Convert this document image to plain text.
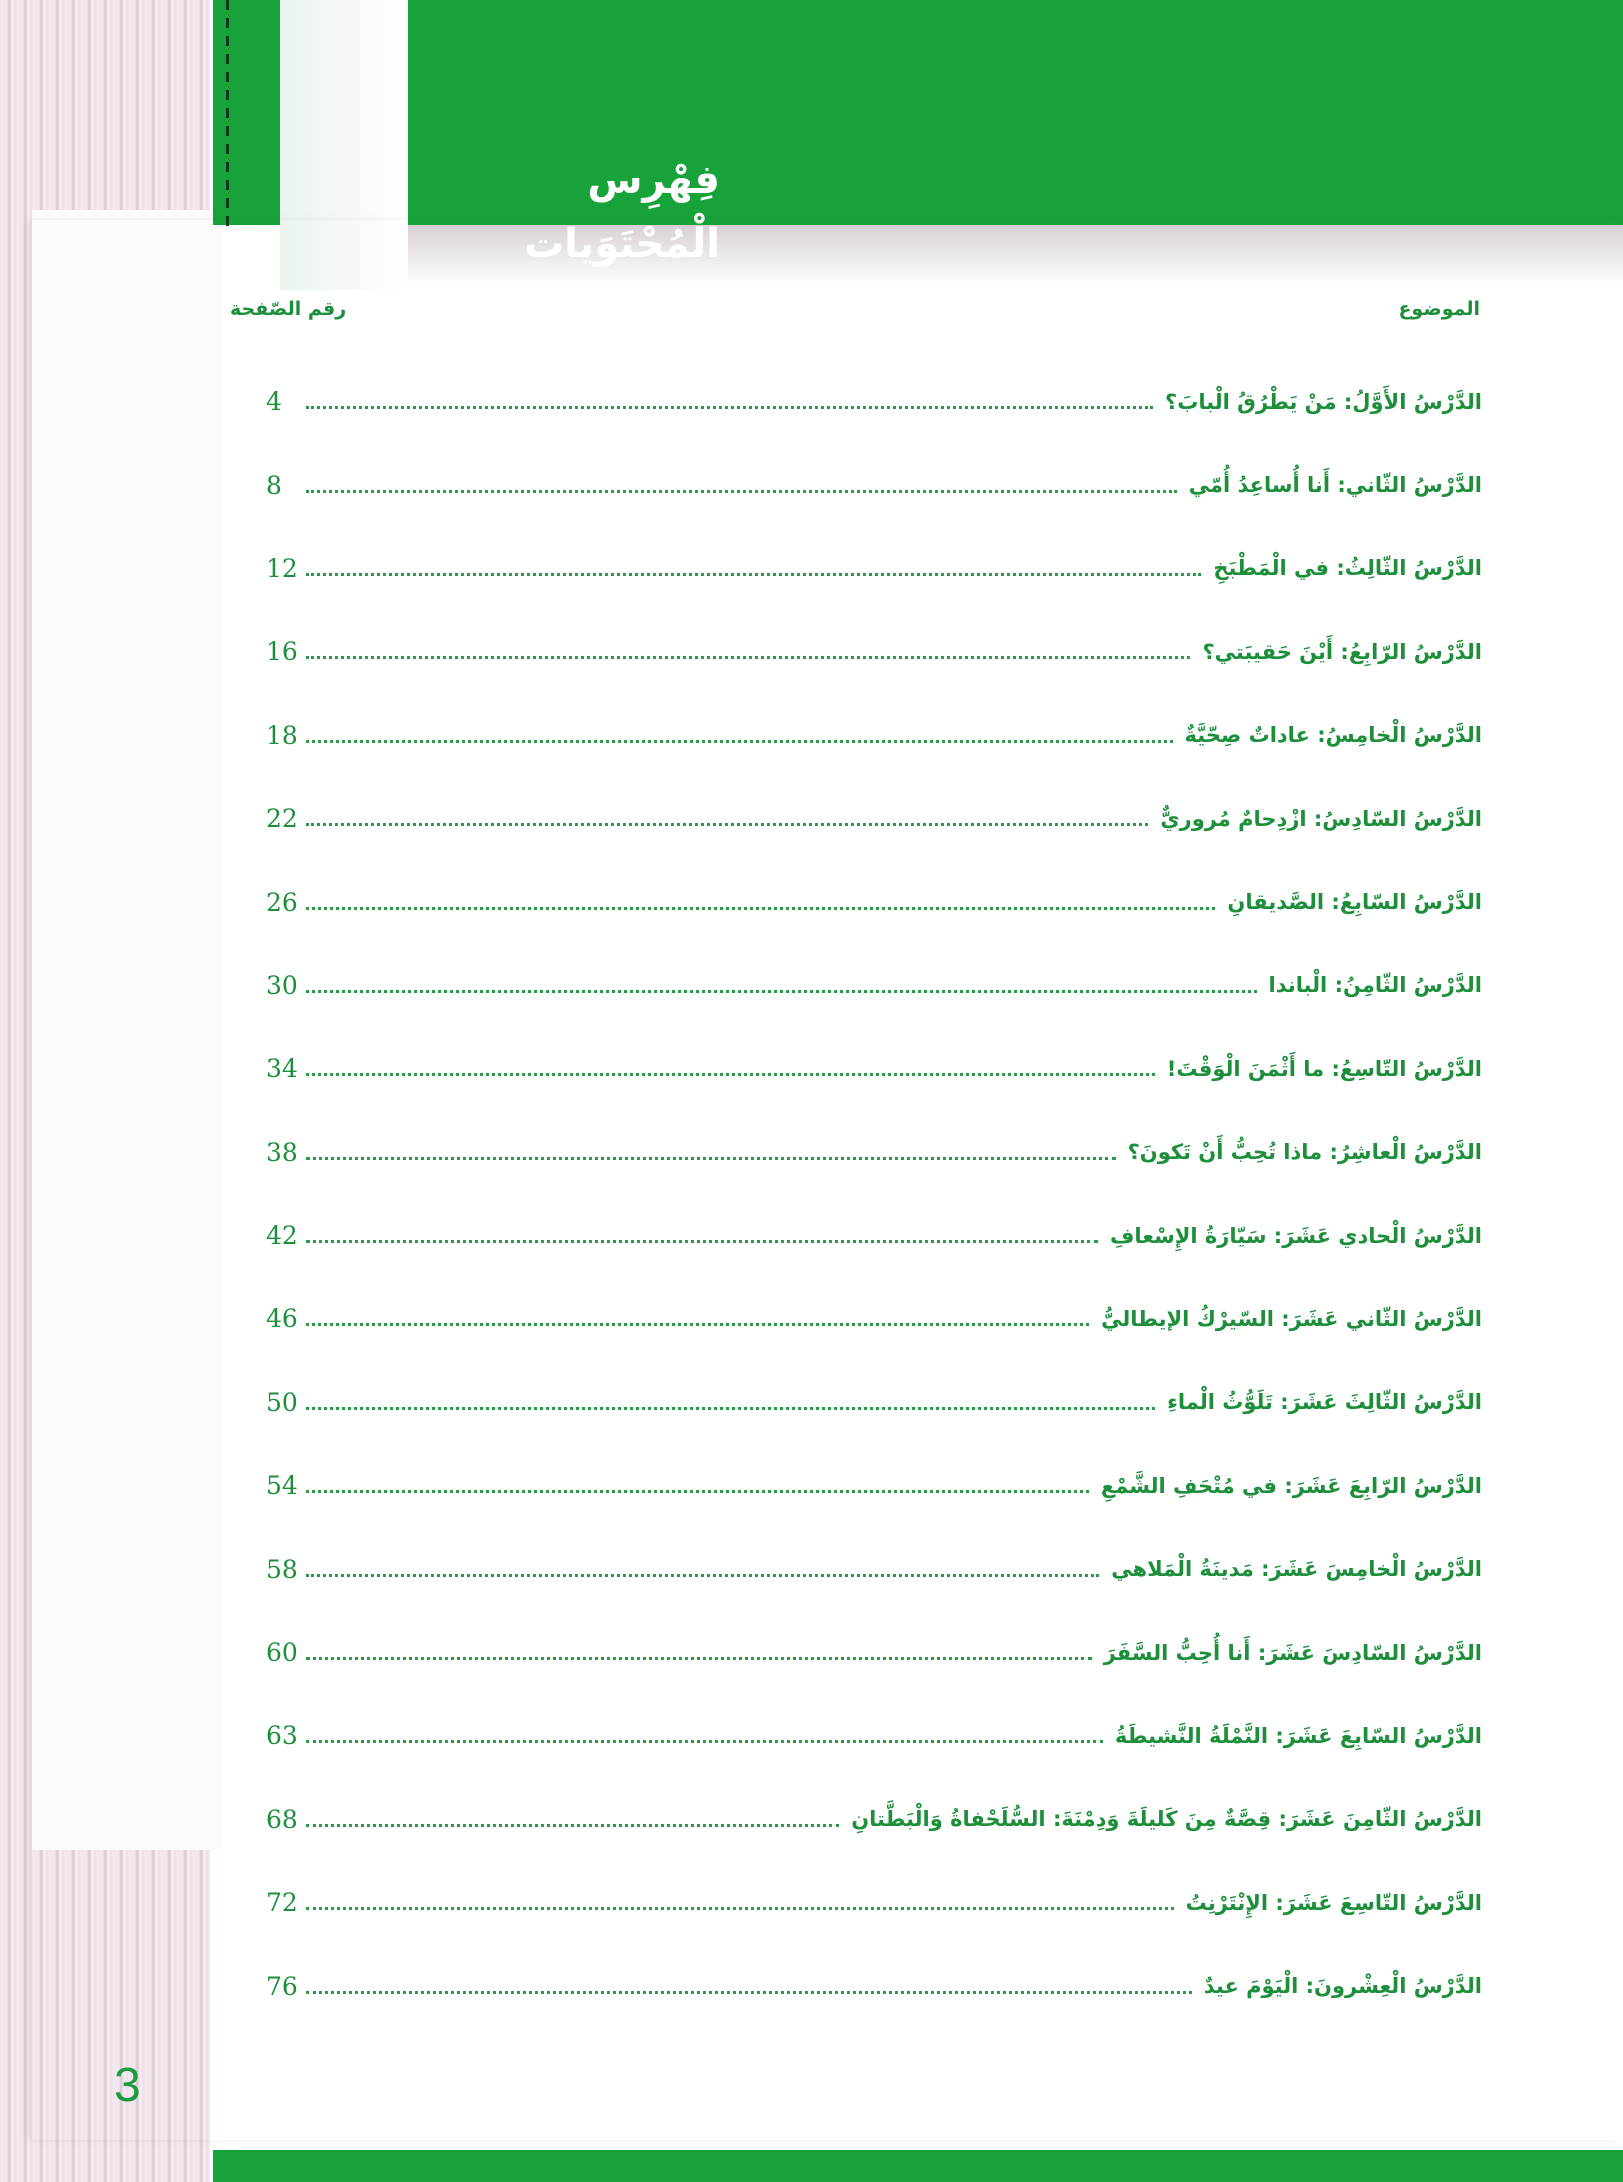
فِهْرِس الْمُحْتَوَيات
الموضوع
رقم الصّفحة
الدَّرْسُ الأَوَّلُ: مَنْ يَطْرُقُ الْبابَ؟
4
الدَّرْسُ الثّاني: أَنا أُساعِدُ أُمّي
8
الدَّرْسُ الثّالِثُ: في الْمَطْبَخِ
12
الدَّرْسُ الرّابِعُ: أَيْنَ حَقيبَتي؟
16
الدَّرْسُ الْخامِسُ: عاداتٌ صِحّيَّةٌ
18
الدَّرْسُ السّادِسُ: ازْدِحامٌ مُروريٌّ
22
الدَّرْسُ السّابِعُ: الصَّديقانِ
26
الدَّرْسُ الثّامِنُ: الْباندا
30
الدَّرْسُ التّاسِعُ: ما أَثْمَنَ الْوَقْتَ!
34
الدَّرْسُ الْعاشِرُ: ماذا تُحِبُّ أَنْ تَكونَ؟
38
الدَّرْسُ الْحادي عَشَرَ: سَيّارَةُ الإِسْعافِ
42
الدَّرْسُ الثّاني عَشَرَ: السّيرْكُ الإيطاليُّ
46
الدَّرْسُ الثّالِثَ عَشَرَ: تَلَوُّثُ الْماءِ
50
الدَّرْسُ الرّابِعَ عَشَرَ: في مُتْحَفِ الشَّمْعِ
54
الدَّرْسُ الْخامِسَ عَشَرَ: مَدينَةُ الْمَلاهي
58
الدَّرْسُ السّادِسَ عَشَرَ: أَنا أُحِبُّ السَّفَرَ
60
الدَّرْسُ السّابِعَ عَشَرَ: النَّمْلَةُ النَّشيطَةُ
63
الدَّرْسُ الثّامِنَ عَشَرَ: قِصَّةٌ مِنَ كَليلَةَ وَدِمْنَةَ: السُّلَحْفاةُ وَالْبَطَّتانِ
68
الدَّرْسُ التّاسِعَ عَشَرَ: الإِنْتَرْنِتُ
72
الدَّرْسُ الْعِشْرونَ: الْيَوْمَ عيدٌ
76
3
